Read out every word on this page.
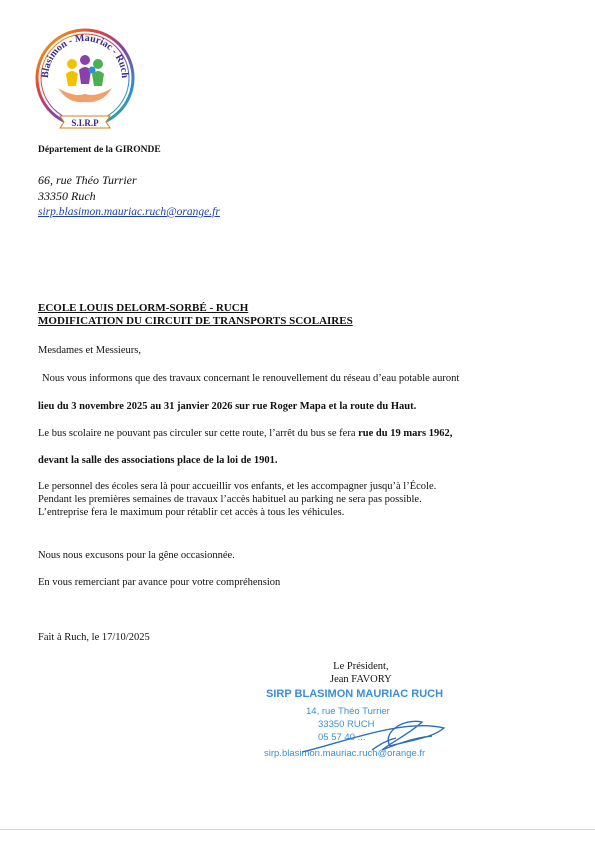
Blasimon - Mauriac - Ruch
S.I.R.P
Département de la GIRONDE
66, rue Théo Turrier
33350 Ruch
sirp.blasimon.mauriac.ruch@orange.fr
ECOLE LOUIS DELORM-SORBÉ - RUCH
MODIFICATION DU CIRCUIT DE TRANSPORTS SCOLAIRES
Mesdames et Messieurs,
Nous vous informons que des travaux concernant le renouvellement du réseau d’eau potable auront
lieu du 3 novembre 2025 au 31 janvier 2026 sur rue Roger Mapa et la route du Haut.
Le bus scolaire ne pouvant pas circuler sur cette route, l’arrêt du bus se fera rue du 19 mars 1962,
devant la salle des associations place de la loi de 1901.
Le personnel des écoles sera là pour accueillir vos enfants, et les accompagner jusqu’à l’École.
Pendant les premières semaines de travaux l’accès habituel au parking ne sera pas possible.
L’entreprise fera le maximum pour rétablir cet accès à tous les véhicules.
Nous nous excusons pour la gêne occasionnée.
En vous remerciant par avance pour votre compréhension
Fait à Ruch, le 17/10/2025
Le Président,
Jean FAVORY
SIRP BLASIMON MAURIAC RUCH
14, rue Théo Turrier
33350 RUCH
05 57 40 ...
sirp.blasimon.mauriac.ruch@orange.fr
